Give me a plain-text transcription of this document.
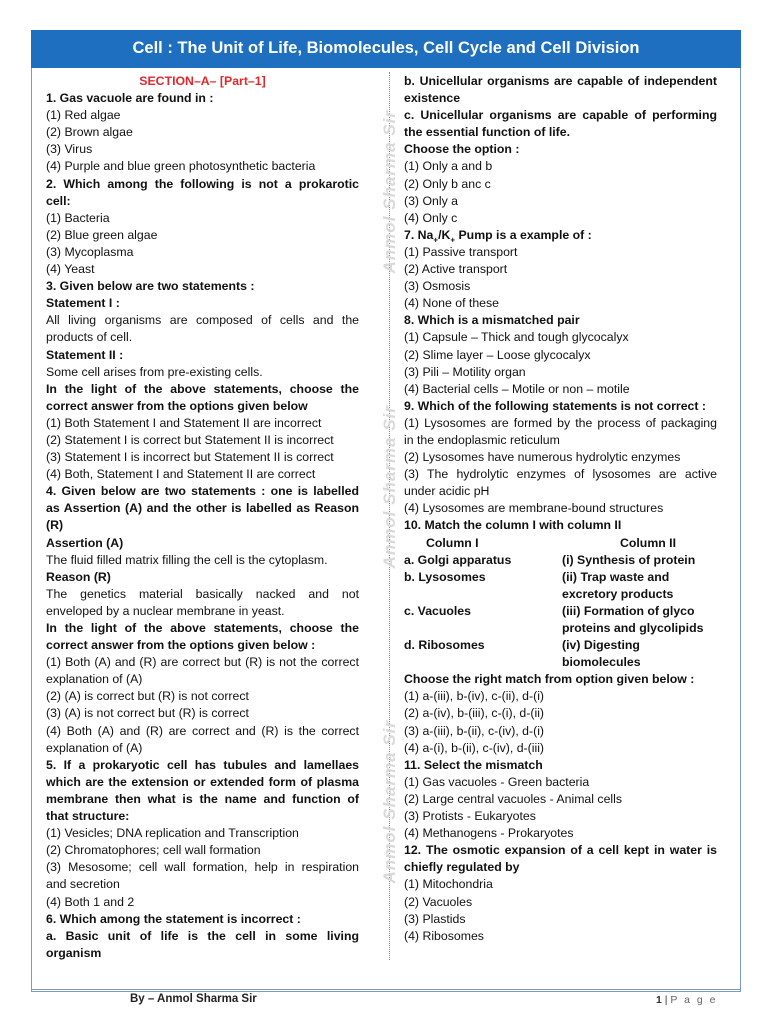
Cell : The Unit of Life, Biomolecules, Cell Cycle and Cell Division
Anmol Sharma Sir
Anmol Sharma Sir
Anmol Sharma Sir
SECTION–A– [Part–1]
1. Gas vacuole are found in :
(1) Red algae
(2) Brown algae
(3) Virus
(4) Purple and blue green photosynthetic bacteria
2. Which among the following is not a prokarotic
cell:
(1) Bacteria
(2) Blue green algae
(3) Mycoplasma
(4) Yeast
3. Given below are two statements :
Statement I :
All living organisms are composed of cells and the
products of cell.
Statement II :
Some cell arises from pre-existing cells.
In the light of the above statements, choose the
correct answer from the options given below
(1) Both Statement I and Statement II are incorrect
(2) Statement I is correct but Statement II is incorrect
(3) Statement I is incorrect but Statement II is correct
(4) Both, Statement I and Statement II are correct
4. Given below are two statements : one is labelled
as Assertion (A) and the other is labelled as Reason
(R)
Assertion (A)
The fluid filled matrix filling the cell is the cytoplasm.
Reason (R)
The genetics material basically nacked and not
enveloped by a nuclear membrane in yeast.
In the light of the above statements, choose the
correct answer from the options given below :
(1) Both (A) and (R) are correct but (R) is not the correct
explanation of (A)
(2) (A) is correct but (R) is not correct
(3) (A) is not correct but (R) is correct
(4) Both (A) and (R) are correct and (R) is the correct
explanation of (A)
5. If a prokaryotic cell has tubules and lamellaes
which are the extension or extended form of plasma
membrane then what is the name and function of
that structure:
(1) Vesicles; DNA replication and Transcription
(2) Chromatophores; cell wall formation
(3) Mesosome; cell wall formation, help in respiration
and secretion
(4) Both 1 and 2
6. Which among the statement is incorrect :
a. Basic unit of life is the cell in some living
organism
b. Unicellular organisms are capable of independent
existence
c. Unicellular organisms are capable of performing
the essential function of life.
Choose the option :
(1) Only a and b
(2) Only b anc c
(3) Only a
(4) Only c
7. $Na_+/K_+$ Pump is a example of :
(1) Passive transport
(2) Active transport
(3) Osmosis
(4) None of these
8. Which is a mismatched pair
(1) Capsule – Thick and tough glycocalyx
(2) Slime layer – Loose glycocalyx
(3) Pili – Motility organ
(4) Bacterial cells – Motile or non – motile
9. Which of the following statements is not correct :
(1) Lysosomes are formed by the process of packaging
in the endoplasmic reticulum
(2) Lysosomes have numerous hydrolytic enzymes
(3) The hydrolytic enzymes of lysosomes are active
under acidic pH
(4) Lysosomes are membrane-bound structures
10. Match the column I with column II
Column I	Column II
a. Golgi apparatus	(i) Synthesis of protein
b. Lysosomes	(ii) Trap waste and
excretory products
c. Vacuoles	(iii) Formation of glyco
proteins and glycolipids
d. Ribosomes	(iv) Digesting
biomolecules
Choose the right match from option given below :
(1) a-(iii), b-(iv), c-(ii), d-(i)
(2) a-(iv), b-(iii), c-(i), d-(ii)
(3) a-(iii), b-(ii), c-(iv), d-(i)
(4) a-(i), b-(ii), c-(iv), d-(iii)
11. Select the mismatch
(1) Gas vacuoles - Green bacteria
(2) Large central vacuoles - Animal cells
(3) Protists - Eukaryotes
(4) Methanogens - Prokaryotes
12. The osmotic expansion of a cell kept in water is
chiefly regulated by
(1) Mitochondria
(2) Vacuoles
(3) Plastids
(4) Ribosomes
By – Anmol Sharma Sir	1 | P a g e
